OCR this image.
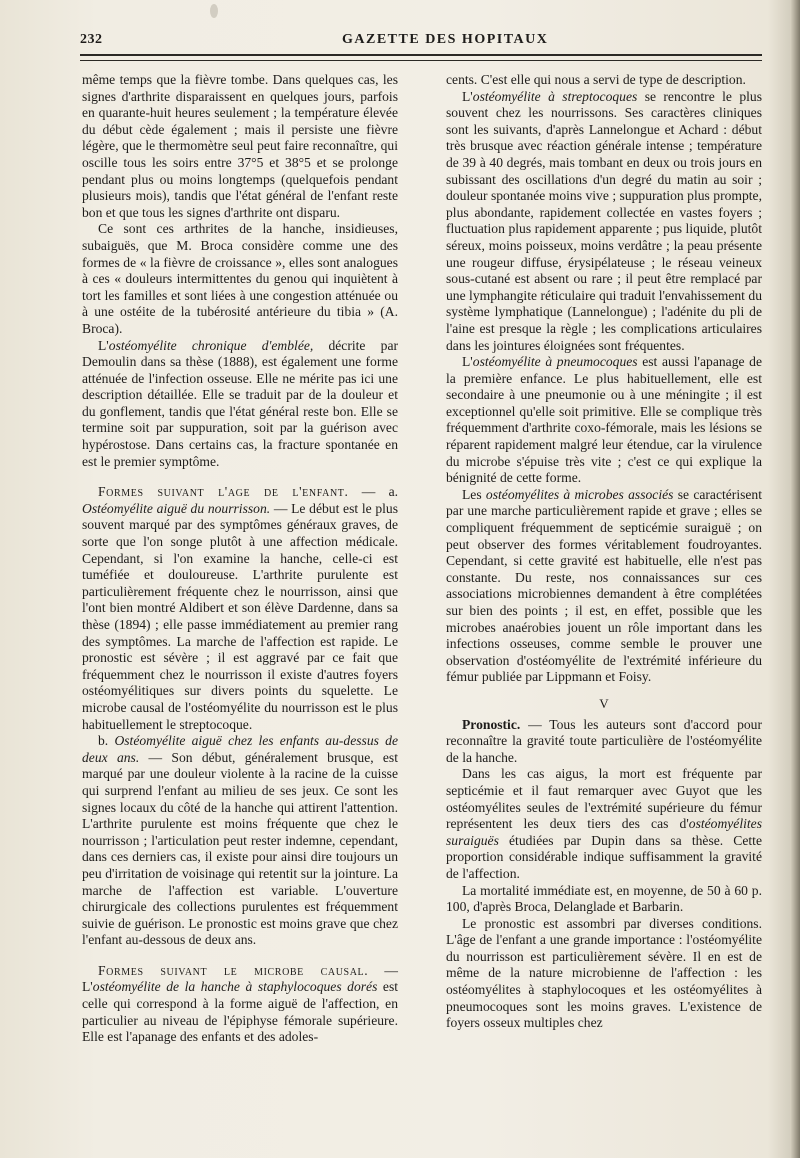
232	GAZETTE DES HOPITAUX

même temps que la fièvre tombe. Dans quelques cas, les signes d'arthrite disparaissent en quelques jours, parfois en quarante-huit heures seulement ; la température élevée du début cède également ; mais il persiste une fièvre légère, que le thermomètre seul peut faire reconnaître, qui oscille tous les soirs entre 37°5 et 38°5 et se prolonge pendant plus ou moins longtemps (quelquefois pendant plusieurs mois), tandis que l'état général de l'enfant reste bon et que tous les signes d'arthrite ont disparu.

Ce sont ces arthrites de la hanche, insidieuses, subaiguës, que M. Broca considère comme une des formes de « la fièvre de croissance », elles sont analogues à ces « douleurs intermittentes du genou qui inquiètent à tort les familles et sont liées à une congestion atténuée ou à une ostéite de la tubérosité antérieure du tibia » (A. Broca).

L'ostéomyélite chronique d'emblée, décrite par Demoulin dans sa thèse (1888), est également une forme atténuée de l'infection osseuse. Elle ne mérite pas ici une description détaillée. Elle se traduit par de la douleur et du gonflement, tandis que l'état général reste bon. Elle se termine soit par suppuration, soit par la guérison avec hypérostose. Dans certains cas, la fracture spontanée en est le premier symptôme.

Formes suivant l'age de l'enfant. — a. Ostéomyélite aiguë du nourrisson. — Le début est le plus souvent marqué par des symptômes généraux graves, de sorte que l'on songe plutôt à une affection médicale. Cependant, si l'on examine la hanche, celle-ci est tuméfiée et douloureuse. L'arthrite purulente est particulièrement fréquente chez le nourrisson, ainsi que l'ont bien montré Aldibert et son élève Dardenne, dans sa thèse (1894) ; elle passe immédiatement au premier rang des symptômes. La marche de l'affection est rapide. Le pronostic est sévère ; il est aggravé par ce fait que fréquemment chez le nourrisson il existe d'autres foyers ostéomyélitiques sur divers points du squelette. Le microbe causal de l'ostéomyélite du nourrisson est le plus habituellement le streptocoque.

b. Ostéomyélite aiguë chez les enfants au-dessus de deux ans. — Son début, généralement brusque, est marqué par une douleur violente à la racine de la cuisse qui surprend l'enfant au milieu de ses jeux. Ce sont les signes locaux du côté de la hanche qui attirent l'attention. L'arthrite purulente est moins fréquente que chez le nourrisson ; l'articulation peut rester indemne, cependant, dans ces derniers cas, il existe pour ainsi dire toujours un peu d'irritation de voisinage qui retentit sur la jointure. La marche de l'affection est variable. L'ouverture chirurgicale des collections purulentes est fréquemment suivie de guérison. Le pronostic est moins grave que chez l'enfant au-dessous de deux ans.

Formes suivant le microbe causal. — L'ostéomyélite de la hanche à staphylocoques dorés est celle qui correspond à la forme aiguë de l'affection, en particulier au niveau de l'épiphyse fémorale supérieure. Elle est l'apanage des enfants et des adoles-

cents. C'est elle qui nous a servi de type de description.

L'ostéomyélite à streptocoques se rencontre le plus souvent chez les nourrissons. Ses caractères cliniques sont les suivants, d'après Lannelongue et Achard : début très brusque avec réaction générale intense ; température de 39 à 40 degrés, mais tombant en deux ou trois jours en subissant des oscillations d'un degré du matin au soir ; douleur spontanée moins vive ; suppuration plus prompte, plus abondante, rapidement collectée en vastes foyers ; fluctuation plus rapidement apparente ; pus liquide, plutôt séreux, moins poisseux, moins verdâtre ; la peau présente une rougeur diffuse, érysipélateuse ; le réseau veineux sous-cutané est absent ou rare ; il peut être remplacé par une lymphangite réticulaire qui traduit l'envahissement du système lymphatique (Lannelongue) ; l'adénite du pli de l'aine est presque la règle ; les complications articulaires dans les jointures éloignées sont fréquentes.

L'ostéomyélite à pneumocoques est aussi l'apanage de la première enfance. Le plus habituellement, elle est secondaire à une pneumonie ou à une méningite ; il est exceptionnel qu'elle soit primitive. Elle se complique très fréquemment d'arthrite coxo-fémorale, mais les lésions se réparent rapidement malgré leur étendue, car la virulence du microbe s'épuise très vite ; c'est ce qui explique la bénignité de cette forme.

Les ostéomyélites à microbes associés se caractérisent par une marche particulièrement rapide et grave ; elles se compliquent fréquemment de septicémie suraiguë ; on peut observer des formes véritablement foudroyantes. Cependant, si cette gravité est habituelle, elle n'est pas constante. Du reste, nos connaissances sur ces associations microbiennes demandent à être complétées sur bien des points ; il est, en effet, possible que les microbes anaérobies jouent un rôle important dans les infections osseuses, comme semble le prouver une observation d'ostéomyélite de l'extrémité inférieure du fémur publiée par Lippmann et Foisy.

V

Pronostic. — Tous les auteurs sont d'accord pour reconnaître la gravité toute particulière de l'ostéomyélite de la hanche.

Dans les cas aigus, la mort est fréquente par septicémie et il faut remarquer avec Guyot que les ostéomyélites seules de l'extrémité supérieure du fémur représentent les deux tiers des cas d'ostéomyélites suraiguës étudiées par Dupin dans sa thèse. Cette proportion considérable indique suffisamment la gravité de l'affection.

La mortalité immédiate est, en moyenne, de 50 à 60 p. 100, d'après Broca, Delanglade et Barbarin.

Le pronostic est assombri par diverses conditions. L'âge de l'enfant a une grande importance : l'ostéomyélite du nourrisson est particulièrement sévère. Il en est de même de la nature microbienne de l'affection : les ostéomyélites à staphylocoques et les ostéomyélites à pneumocoques sont les moins graves. L'existence de foyers osseux multiples chez
